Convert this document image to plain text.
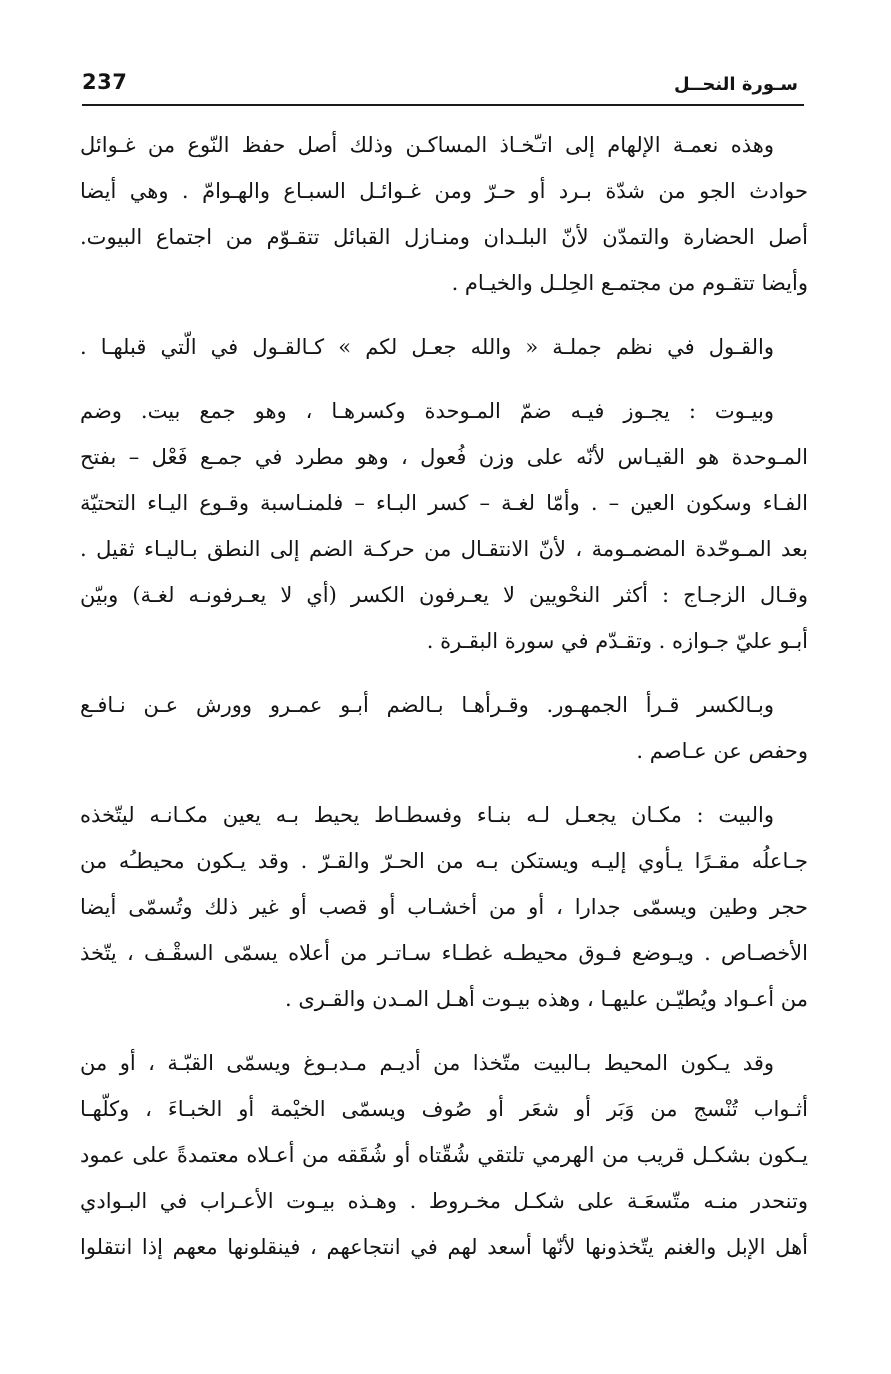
237	سـورة النحــل

وهذه نعمـة الإلهام إلى اتـّخـاذ المساكـن وذلك أصل حفظ النّوع من غـوائل
حوادث الجو من شدّة بـرد أو حـرّ ومن غـوائـل السبـاع والهـوامّ . وهي أيضا
أصل الحضارة والتمدّن لأنّ البلـدان ومنـازل القبائل تتقـوّم من اجتماع البيوت.
وأيضا تتقـوم من مجتمـع الحِلـل والخيـام .

والقـول في نظم جملـة « والله جعـل لكم » كـالقـول في الّتي قبلهـا .

وبيـوت : يجـوز فيـه ضمّ المـوحدة وكسرهـا ، وهو جمع بيت. وضم
المـوحدة هو القيـاس لأنّه على وزن فُعول ، وهو مطرد في جمـع فَعْل – بفتح
الفـاء وسكون العين – . وأمّا لغـة – كسر البـاء – فلمنـاسبة وقـوع اليـاء التحتيّة
بعد المـوحّدة المضمـومة ، لأنّ الانتقـال من حركـة الضم إلى النطق بـاليـاء ثقيل .
وقـال الزجـاج : أكثر النحْويين لا يعـرفون الكسر (أي لا يعـرفونـه لغـة) وبيّن
أبـو عليّ جـوازه . وتقـدّم في سورة البقـرة .

وبـالكسر قـرأ الجمهـور. وقـرأهـا بـالضم أبـو عمـرو وورش عـن نـافـع
وحفص عن عـاصم .

والبيت : مكـان يجعـل لـه بنـاء وفسطـاط يحيط بـه يعين مكـانـه ليتّخذه
جـاعلُه مقـرًا يـأوي إليـه ويستكن بـه من الحـرّ والقـرّ . وقد يـكون محيطـُه من
حجر وطين ويسمّى جدارا ، أو من أخشـاب أو قصب أو غير ذلك وتُسمّى أيضا
الأخصـاص . ويـوضع فـوق محيطـه غطـاء سـاتـر من أعلاه يسمّى السقْـف ، يتّخذ
من أعـواد ويُطيّـن عليهـا ، وهذه بيـوت أهـل المـدن والقـرى .

وقد يـكون المحيط بـالبيت متّخذا من أديـم مـدبـوغ ويسمّى القبّـة ، أو من
أثـواب تُنْسج من وَبَر أو شعَر أو صُوف ويسمّى الخيْمة أو الخبـاءَ ، وكلّهـا
يـكون بشكـل قريب من الهرمي تلتقي شُقّتاه أو شُقَقه من أعـلاه معتمدةً على عمود
وتنحدر منـه متّسعَـة على شكـل مخـروط . وهـذه بيـوت الأعـراب في البـوادي
أهل الإبل والغنم يتّخذونها لأنّها أسعد لهم في انتجاعهم ، فينقلونها معهم إذا انتقلوا
